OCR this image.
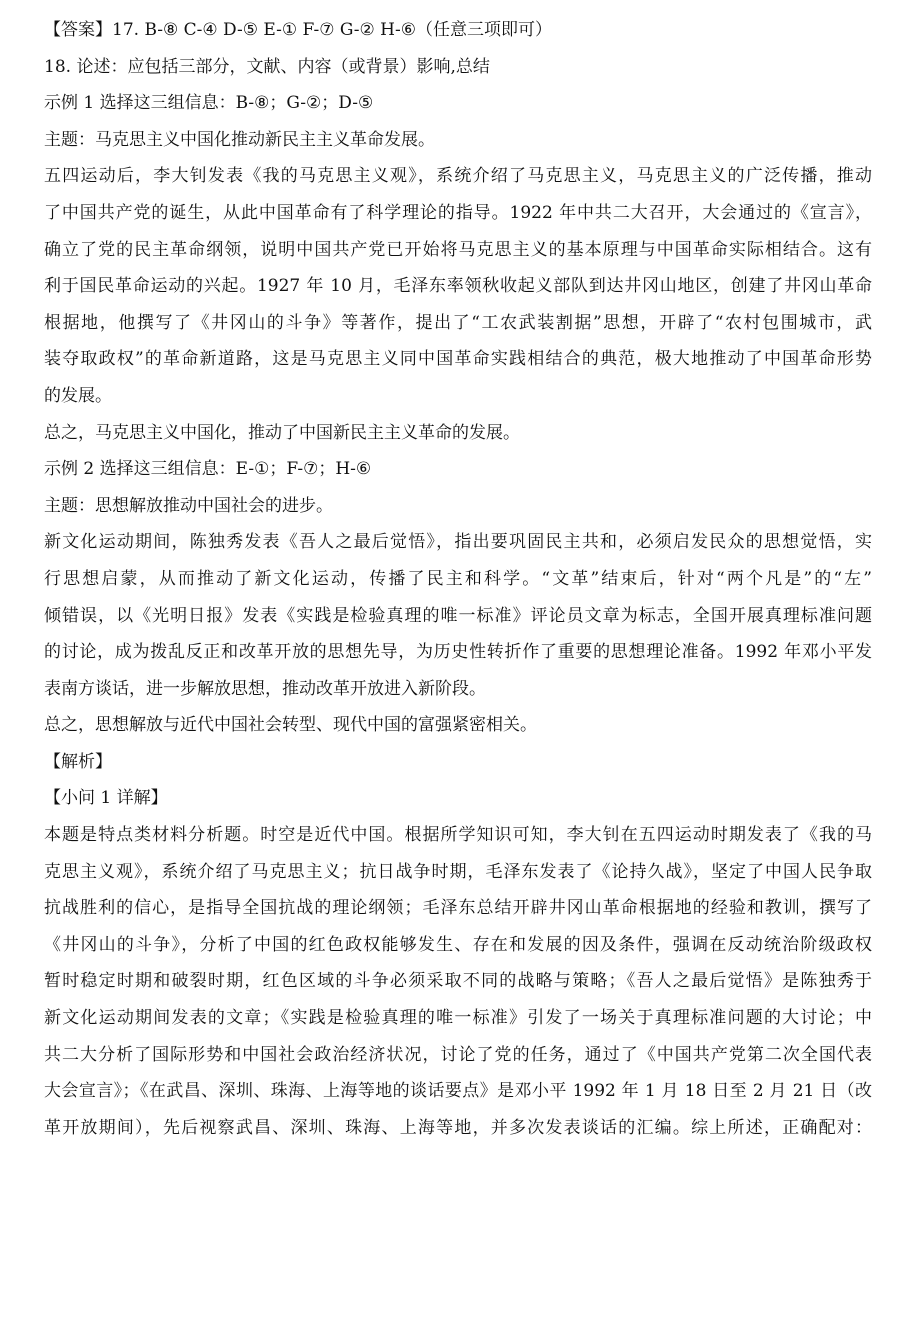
【答案】17. B-⑧ C-④ D-⑤ E-① F-⑦ G-② H-⑥（任意三项即可）
18. 论述：应包括三部分，文献、内容（或背景）影响,总结
示例 1 选择这三组信息：B-⑧；G-②；D-⑤
主题：马克思主义中国化推动新民主主义革命发展。
五四运动后，李大钊发表《我的马克思主义观》，系统介绍了马克思主义，马克思主义的广泛传播，推动
了中国共产党的诞生，从此中国革命有了科学理论的指导。1922 年中共二大召开，大会通过的《宣言》，
确立了党的民主革命纲领，说明中国共产党已开始将马克思主义的基本原理与中国革命实际相结合。这有
利于国民革命运动的兴起。1927 年 10 月，毛泽东率领秋收起义部队到达井冈山地区，创建了井冈山革命
根据地，他撰写了《井冈山的斗争》等著作，提出了“工农武装割据”思想，开辟了“农村包围城市，武
装夺取政权”的革命新道路，这是马克思主义同中国革命实践相结合的典范，极大地推动了中国革命形势
的发展。
总之，马克思主义中国化，推动了中国新民主主义革命的发展。
示例 2 选择这三组信息：E-①；F-⑦；H-⑥
主题：思想解放推动中国社会的进步。
新文化运动期间，陈独秀发表《吾人之最后觉悟》，指出要巩固民主共和，必须启发民众的思想觉悟，实
行思想启蒙，从而推动了新文化运动，传播了民主和科学。“文革”结束后，针对“两个凡是”的“左”
倾错误，以《光明日报》发表《实践是检验真理的唯一标准》评论员文章为标志，全国开展真理标准问题
的讨论，成为拨乱反正和改革开放的思想先导，为历史性转折作了重要的思想理论准备。1992 年邓小平发
表南方谈话，进一步解放思想，推动改革开放进入新阶段。
总之，思想解放与近代中国社会转型、现代中国的富强紧密相关。
【解析】
【小问 1 详解】
本题是特点类材料分析题。时空是近代中国。根据所学知识可知，李大钊在五四运动时期发表了《我的马
克思主义观》，系统介绍了马克思主义；抗日战争时期，毛泽东发表了《论持久战》，坚定了中国人民争取
抗战胜利的信心，是指导全国抗战的理论纲领；毛泽东总结开辟井冈山革命根据地的经验和教训，撰写了
《井冈山的斗争》，分析了中国的红色政权能够发生、存在和发展的因及条件，强调在反动统治阶级政权
暂时稳定时期和破裂时期，红色区域的斗争必须采取不同的战略与策略；《吾人之最后觉悟》是陈独秀于
新文化运动期间发表的文章；《实践是检验真理的唯一标准》引发了一场关于真理标准问题的大讨论；中
共二大分析了国际形势和中国社会政治经济状况，讨论了党的任务，通过了《中国共产党第二次全国代表
大会宣言》；《在武昌、深圳、珠海、上海等地的谈话要点》是邓小平 1992 年 1 月 18 日至 2 月 21 日（改
革开放期间），先后视察武昌、深圳、珠海、上海等地，并多次发表谈话的汇编。综上所述，正确配对：
